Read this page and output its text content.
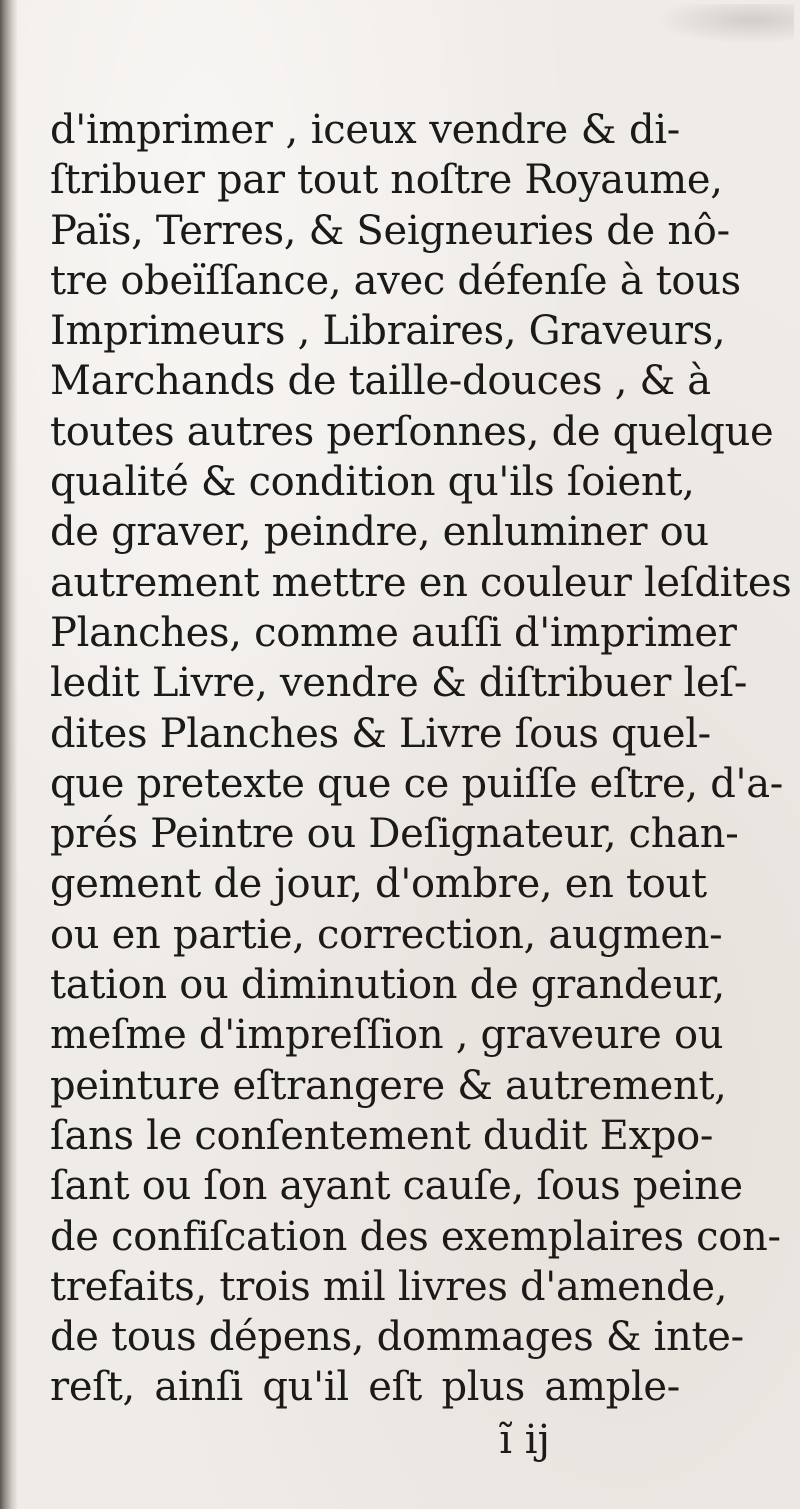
d'imprimer , iceux vendre & di-
ſtribuer par tout noſtre Royaume,
Païs, Terres, & Seigneuries de nô-
tre obeïſſance, avec défenſe à tous
Imprimeurs , Libraires, Graveurs,
Marchands de taille-douces , & à
toutes autres perſonnes, de quelque
qualité & condition qu'ils ſoient,
de graver, peindre, enluminer ou
autrement mettre en couleur leſdites
Planches, comme auſſi d'imprimer
ledit Livre, vendre & diſtribuer leſ-
dites Planches & Livre ſous quel-
que pretexte que ce puiſſe eſtre, d'a-
prés Peintre ou Deſignateur, chan-
gement de jour, d'ombre, en tout
ou en partie, correction, augmen-
tation ou diminution de grandeur,
meſme d'impreſſion , graveure ou
peinture eſtrangere & autrement,
ſans le conſentement dudit Expo-
ſant ou ſon ayant cauſe, ſous peine
de confiſcation des exemplaires con-
trefaits, trois mil livres d'amende,
de tous dépens, dommages & inte-
reſt, ainſi qu'il eſt plus ample-
ĩ ij
